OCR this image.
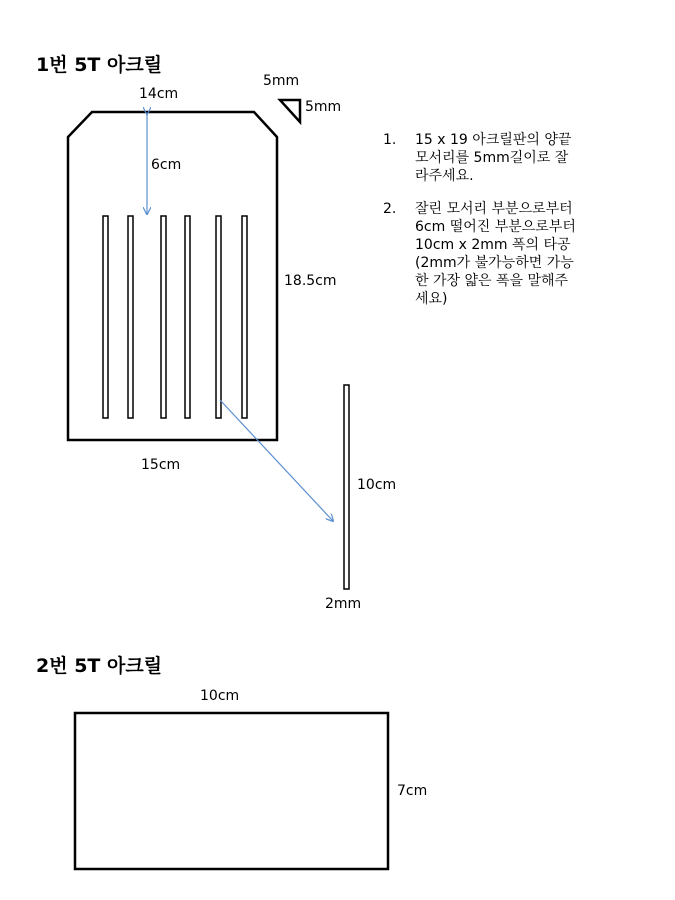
1번 5T 아크릴
14cm
5mm
5mm
6cm
18.5cm
15cm
10cm
2mm
1.	15 x 19 아크릴판의 양끝
모서리를 5mm길이로 잘
라주세요.
2.	잘린 모서리 부분으로부터
6cm 떨어진 부분으로부터
10cm x 2mm 폭의 타공
(2mm가 불가능하면 가능
한 가장 얇은 폭을 말해주
세요)
2번 5T 아크릴
10cm
7cm
